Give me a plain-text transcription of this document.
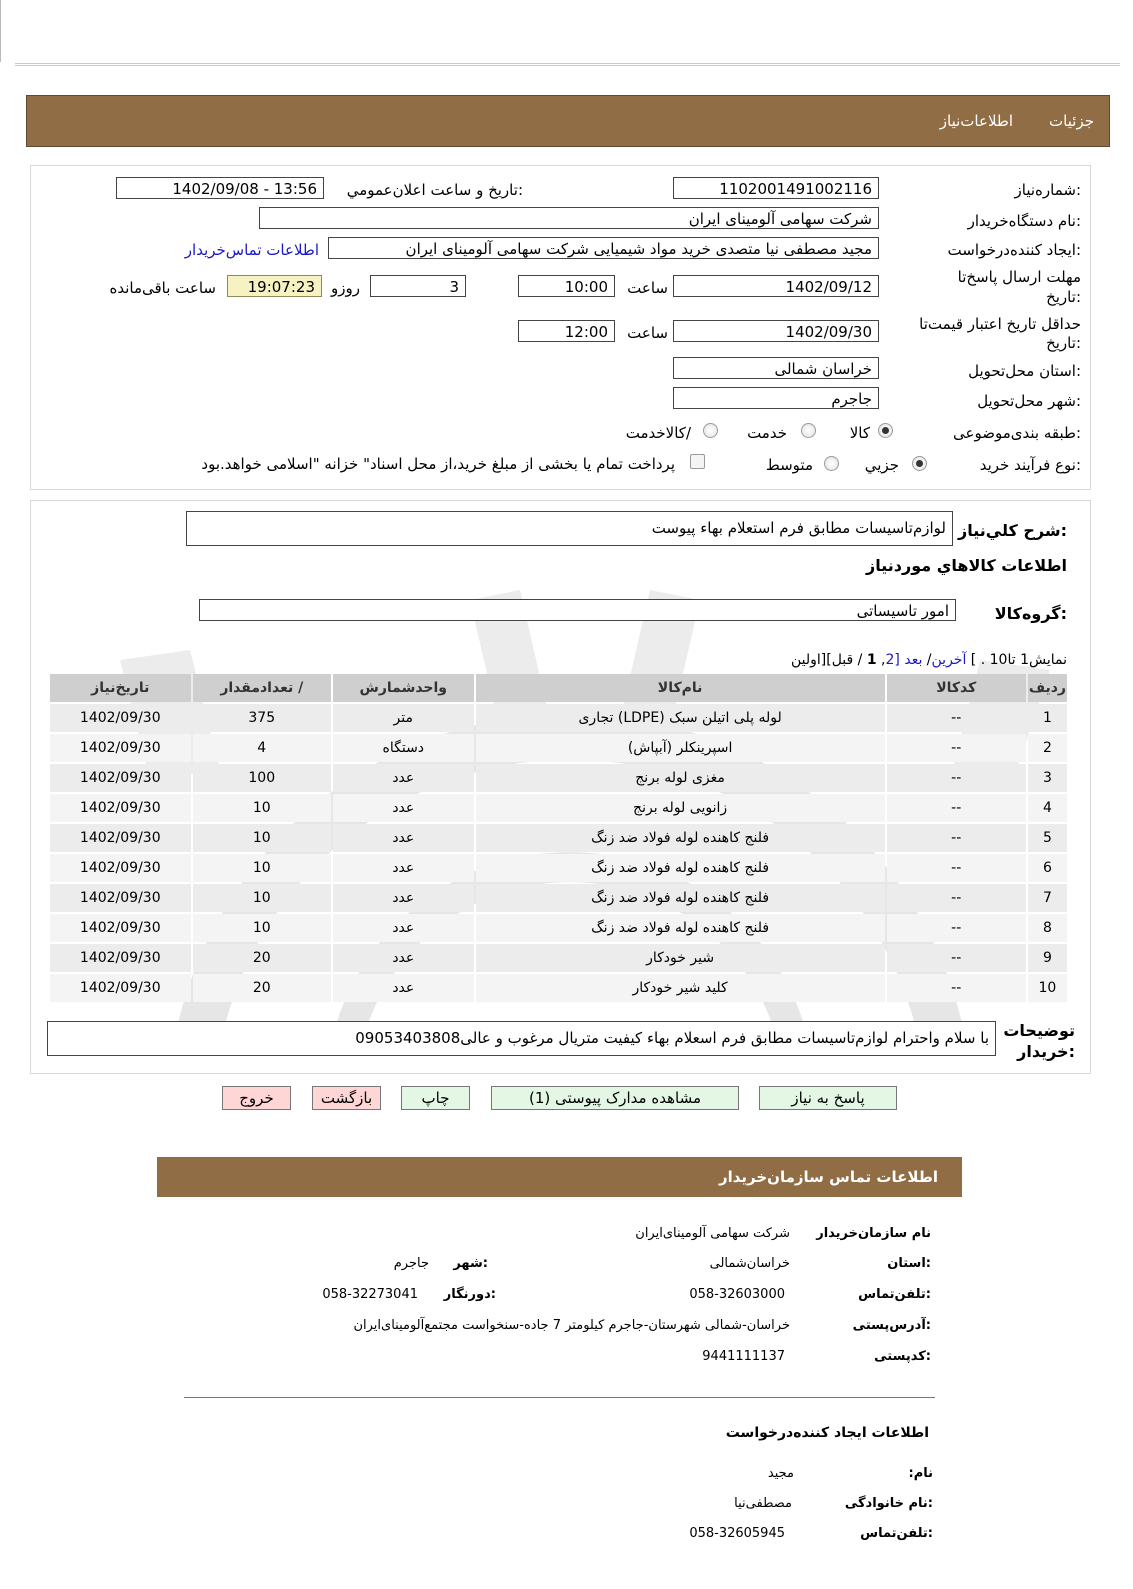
جزئیات
اطلاعات‌نیاز
شماره‌نیاز:
1102001491002116
تاریخ و ساعت اعلان‌عمومي:
1402/09/08 - 13:56
نام دستگاه‌خریدار:
شرکت سهامی آلومینای ایران
ایجاد کننده‌درخواست:
مجید مصطفی نیا متصدی خرید مواد شیمیایی شرکت سهامی آلومینای ایران
اطلاعات تماس‌خریدار
مهلت ارسال پاسخ‌تا
تاریخ:
1402/09/12
ساعت
10:00
3
روزو
19:07:23
ساعت باقی‌مانده
حداقل تاریخ اعتبار قیمت‌تا
تاریخ:
1402/09/30
ساعت
12:00
استان محل‌تحویل:
خراسان شمالی
شهر محل‌تحویل:
جاجرم
طبقه بندی‌موضوعی:
کالا
خدمت
کالا‌خدمت/
نوع فرآیند خرید:
جزیي
متوسط
پرداخت تمام یا بخشی از مبلغ خرید،از محل اسناد" خزانه "اسلامی خواهد.بود
شرح كلي‌نياز:
لوازم‌تاسیسات مطابق فرم استعلام بهاء پیوست
اطلاعات كالاهاي موردنياز
گروه‌کالا:
امور تاسیساتی
نمایش1 تا10 . ] آخرین/ بعد [2, 1 / قبل][اولین
ردیف	کدکالا	نام‌کالا	واحدشمارش	/ تعدادمقدار	تاریخ‌نیاز
1	--	لوله پلی اتیلن سبک (LDPE) تجاری	متر	375	1402/09/30
2	--	اسپرینکلر (آبپاش)	دستگاه	4	1402/09/30
3	--	مغزی لوله برنج	عدد	100	1402/09/30
4	--	زانویی لوله برنج	عدد	10	1402/09/30
5	--	فلنج کاهنده لوله فولاد ضد زنگ	عدد	10	1402/09/30
6	--	فلنج کاهنده لوله فولاد ضد زنگ	عدد	10	1402/09/30
7	--	فلنج کاهنده لوله فولاد ضد زنگ	عدد	10	1402/09/30
8	--	فلنج کاهنده لوله فولاد ضد زنگ	عدد	10	1402/09/30
9	--	شیر خودکار	عدد	20	1402/09/30
10	--	کلید شیر خودکار	عدد	20	1402/09/30
توضیحات
خریدار:
با سلام واحترام لوازم‌تاسیسات مطابق فرم اسعلام بهاء کیفیت متریال مرغوب و عالی09053403808
پاسخ به نیاز
مشاهده مدارک پیوستی (1)
چاپ
بازگشت
خروج
اطلاعات تماس سازمان‌خریدار
نام سازمان‌خریدار
شرکت سهامی آلومینای‌ایران
استان:
خراسان‌شمالی
شهر:
جاجرم
تلفن‌تماس:
058-32603000
دورنگار:
058-32273041
آدرس‌پستی:
خراسان-شمالی شهرستان-جاجرم کیلومتر 7 جاده-سنخواست مجتمع‌آلومینای‌ایران
کدپستی:
9441111137
اطلاعات ایجاد کننده‌درخواست
:نام
مجید
نام خانوادگی:
مصطفی‌نیا
تلفن‌تماس:
058-32605945
